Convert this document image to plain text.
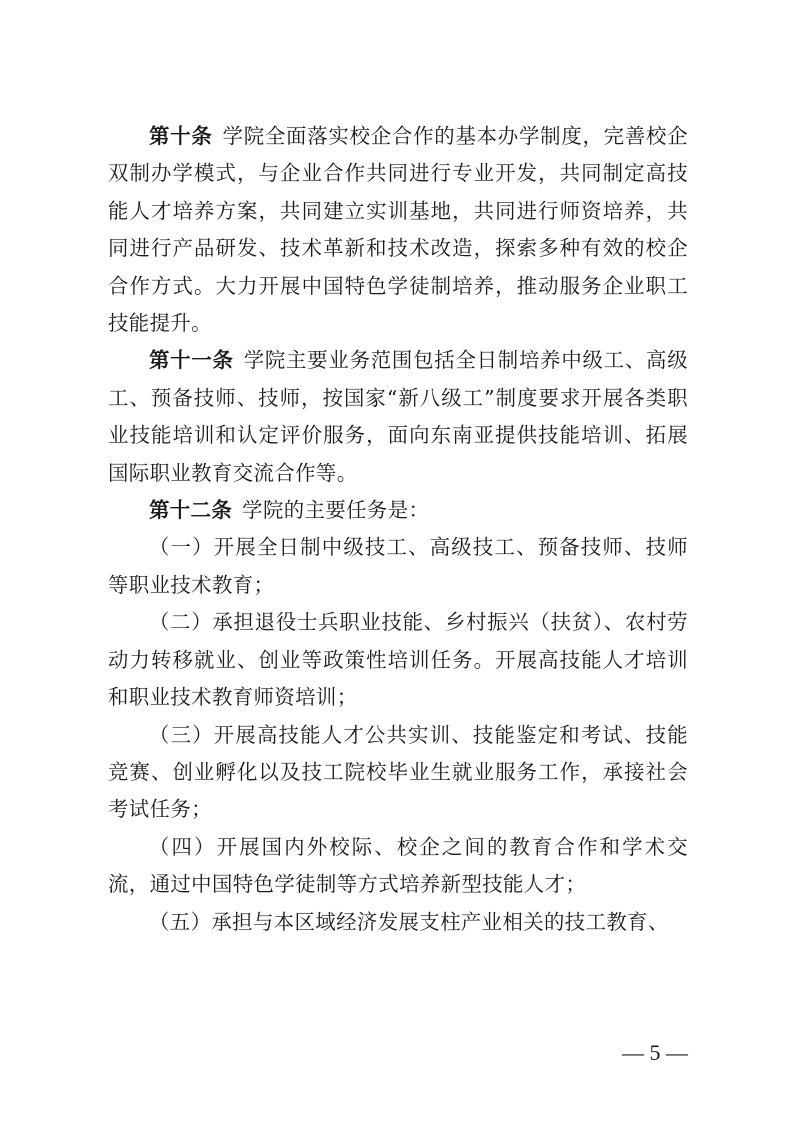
第十条 学院全面落实校企合作的基本办学制度，完善校企双制办学模式，与企业合作共同进行专业开发，共同制定高技能人才培养方案，共同建立实训基地，共同进行师资培养，共同进行产品研发、技术革新和技术改造，探索多种有效的校企合作方式。大力开展中国特色学徒制培养，推动服务企业职工技能提升。

第十一条 学院主要业务范围包括全日制培养中级工、高级工、预备技师、技师，按国家“新八级工”制度要求开展各类职业技能培训和认定评价服务，面向东南亚提供技能培训、拓展国际职业教育交流合作等。

第十二条 学院的主要任务是：

（一）开展全日制中级技工、高级技工、预备技师、技师等职业技术教育；

（二）承担退役士兵职业技能、乡村振兴（扶贫）、农村劳动力转移就业、创业等政策性培训任务。开展高技能人才培训和职业技术教育师资培训；

（三）开展高技能人才公共实训、技能鉴定和考试、技能竞赛、创业孵化以及技工院校毕业生就业服务工作，承接社会考试任务；

（四）开展国内外校际、校企之间的教育合作和学术交流，通过中国特色学徒制等方式培养新型技能人才；

（五）承担与本区域经济发展支柱产业相关的技工教育、

— 5 —
